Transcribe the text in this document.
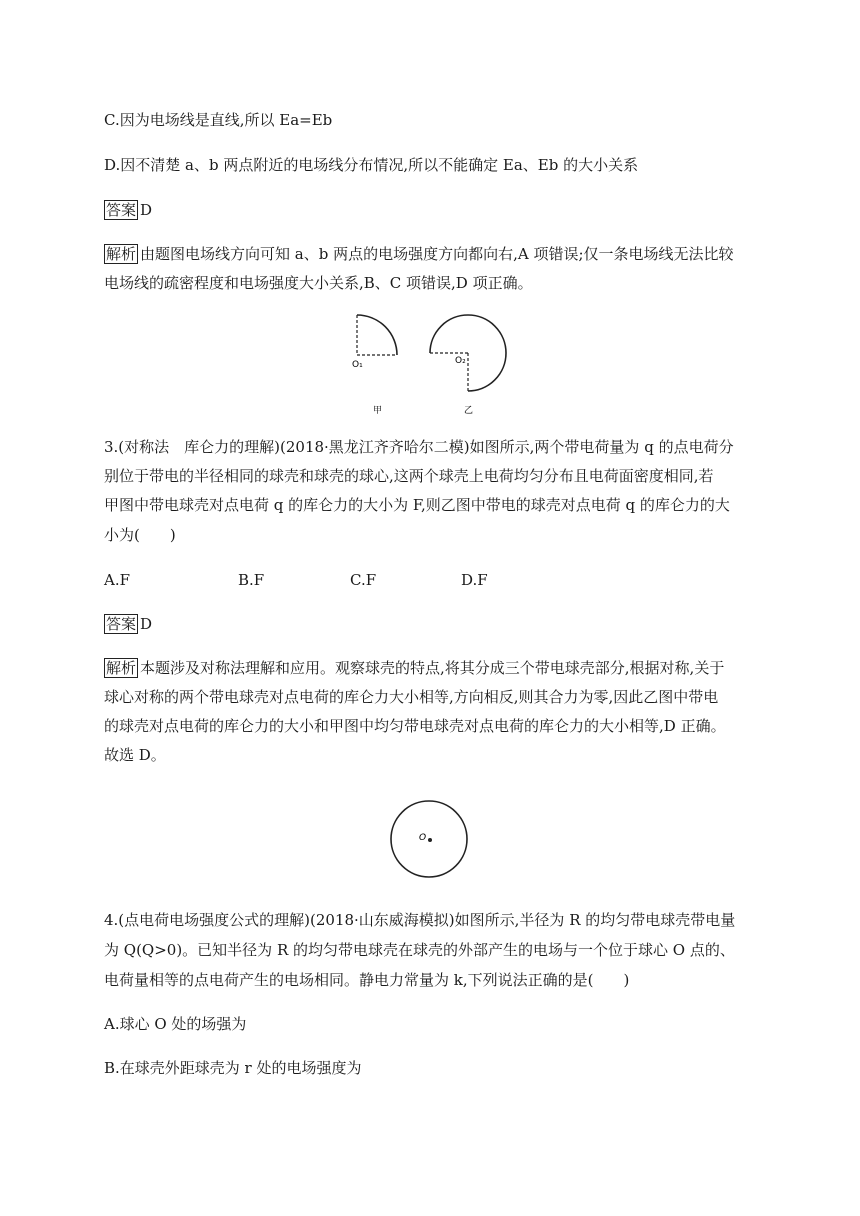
C.因为电场线是直线,所以 Ea=Eb
D.因不清楚 a、b 两点附近的电场线分布情况,所以不能确定 Ea、Eb 的大小关系
答案 D
解析 由题图电场线方向可知 a、b 两点的电场强度方向都向右,A 项错误;仅一条电场线无法比较
电场线的疏密程度和电场强度大小关系,B、C 项错误,D 项正确。
O₁	O₂
甲	乙
3.(对称法　库仑力的理解)(2018·黑龙江齐齐哈尔二模)如图所示,两个带电荷量为 q 的点电荷分
别位于带电的半径相同的球壳和球壳的球心,这两个球壳上电荷均匀分布且电荷面密度相同,若
甲图中带电球壳对点电荷 q 的库仑力的大小为 F,则乙图中带电的球壳对点电荷 q 的库仑力的大
小为(　　)
A.F	B.F	C.F	D.F
答案 D
解析 本题涉及对称法理解和应用。观察球壳的特点,将其分成三个带电球壳部分,根据对称,关于
球心对称的两个带电球壳对点电荷的库仑力大小相等,方向相反,则其合力为零,因此乙图中带电
的球壳对点电荷的库仑力的大小和甲图中均匀带电球壳对点电荷的库仑力的大小相等,D 正确。
故选 D。
O
4.(点电荷电场强度公式的理解)(2018·山东威海模拟)如图所示,半径为 R 的均匀带电球壳带电量
为 Q(Q>0)。已知半径为 R 的均匀带电球壳在球壳的外部产生的电场与一个位于球心 O 点的、
电荷量相等的点电荷产生的电场相同。静电力常量为 k,下列说法正确的是(　　)
A.球心 O 处的场强为
B.在球壳外距球壳为 r 处的电场强度为
